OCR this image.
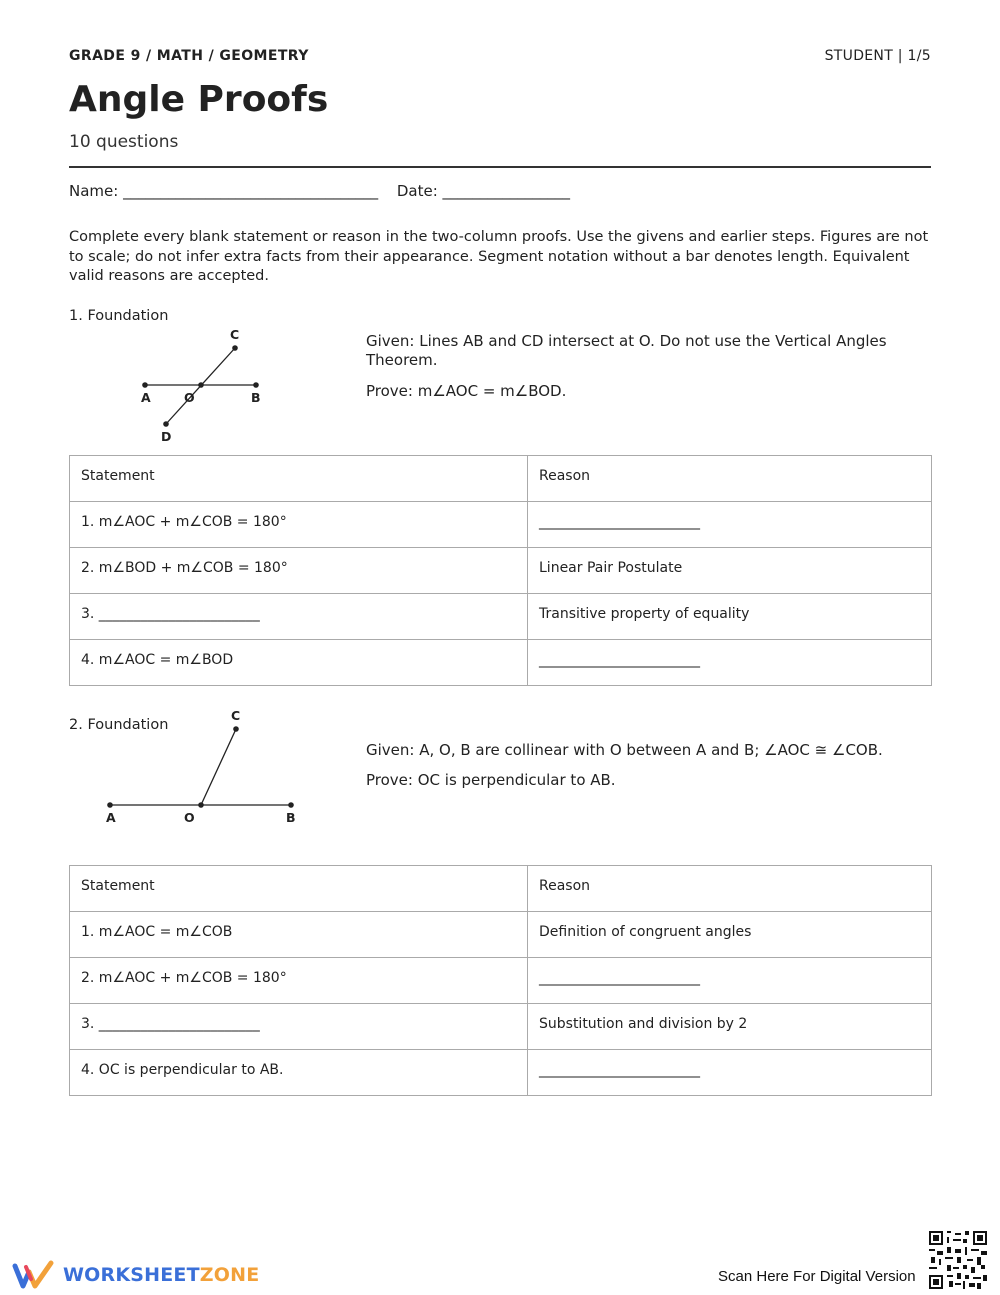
GRADE 9 / MATH / GEOMETRY	STUDENT | 1/5
Angle Proofs
10 questions
Name: __________________________________ Date: _________________
Complete every blank statement or reason in the two-column proofs. Use the givens and earlier steps. Figures are not to scale; do not infer extra facts from their appearance. Segment notation without a bar denotes length. Equivalent valid reasons are accepted.
1. Foundation
A	O	B
C
D

Given: Lines AB and CD intersect at O. Do not use the Vertical Angles Theorem.

Prove: m∠AOC = m∠BOD.

Statement	Reason
1. m∠AOC + m∠COB = 180°	_______________________
2. m∠BOD + m∠COB = 180°	Linear Pair Postulate
3. _______________________	Transitive property of equality
4. m∠AOC = m∠BOD	_______________________
2. Foundation
A	O	B
C

Given: A, O, B are collinear with O between A and B; ∠AOC ≅ ∠COB.

Prove: OC is perpendicular to AB.

Statement	Reason
1. m∠AOC = m∠COB	Definition of congruent angles
2. m∠AOC + m∠COB = 180°	_______________________
3. _______________________	Substitution and division by 2
4. OC is perpendicular to AB.	_______________________
WORKSHEETZONE	Scan Here For Digital Version
